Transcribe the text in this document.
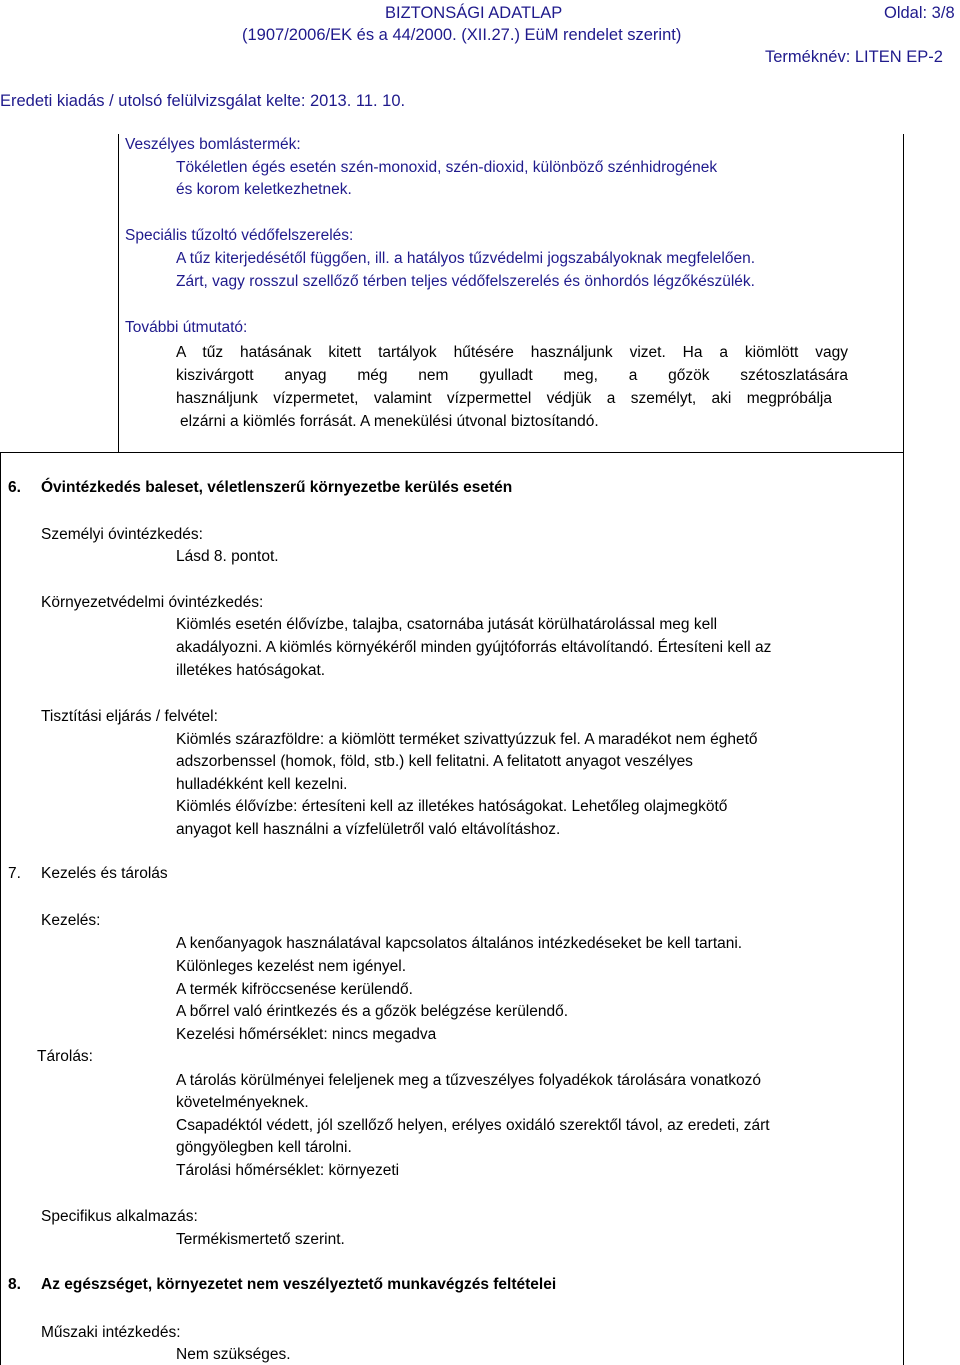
BIZTONSÁGI ADATLAP	Oldal: 3/8
(1907/2006/EK és a 44/2000. (XII.27.) EüM rendelet szerint)
Terméknév: LITEN EP-2
Eredeti kiadás / utolsó felülvizsgálat kelte: 2013. 11. 10.
Veszélyes bomlástermék:
Tökéletlen égés esetén szén-monoxid, szén-dioxid, különböző szénhidrogének
és korom keletkezhetnek.
Speciális tűzoltó védőfelszerelés:
A tűz kiterjedésétől függően, ill. a hatályos tűzvédelmi jogszabályoknak megfelelően.
Zárt, vagy rosszul szellőző térben teljes védőfelszerelés és önhordós légzőkészülék.
További útmutató:
A tűz hatásának kitett tartályok hűtésére használjunk vizet. Ha a kiömlött vagy
kiszivárgott anyag még nem gyulladt meg, a gőzök szétoszlatására
használjunk vízpermetet, valamint vízpermettel védjük a személyt, aki megpróbálja
elzárni a kiömlés forrását. A menekülési útvonal biztosítandó.
6. Óvintézkedés baleset, véletlenszerű környezetbe kerülés esetén
Személyi óvintézkedés:
Lásd 8. pontot.
Környezetvédelmi óvintézkedés:
Kiömlés esetén élővízbe, talajba, csatornába jutását körülhatárolással meg kell
akadályozni. A kiömlés környékéről minden gyújtóforrás eltávolítandó. Értesíteni kell az
illetékes hatóságokat.
Tisztítási eljárás / felvétel:
Kiömlés szárazföldre: a kiömlött terméket szivattyúzzuk fel. A maradékot nem éghető
adszorbenssel (homok, föld, stb.) kell felitatni. A felitatott anyagot veszélyes
hulladékként kell kezelni.
Kiömlés élővízbe: értesíteni kell az illetékes hatóságokat. Lehetőleg olajmegkötő
anyagot kell használni a vízfelületről való eltávolításhoz.
7. Kezelés és tárolás
Kezelés:
A kenőanyagok használatával kapcsolatos általános intézkedéseket be kell tartani.
Különleges kezelést nem igényel.
A termék kifröccsenése kerülendő.
A bőrrel való érintkezés és a gőzök belégzése kerülendő.
Kezelési hőmérséklet: nincs megadva
Tárolás:
A tárolás körülményei feleljenek meg a tűzveszélyes folyadékok tárolására vonatkozó
követelményeknek.
Csapadéktól védett, jól szellőző helyen, erélyes oxidáló szerektől távol, az eredeti, zárt
göngyölegben kell tárolni.
Tárolási hőmérséklet: környezeti
Specifikus alkalmazás:
Termékismertető szerint.
8. Az egészséget, környezetet nem veszélyeztető munkavégzés feltételei
Műszaki intézkedés:
Nem szükséges.
